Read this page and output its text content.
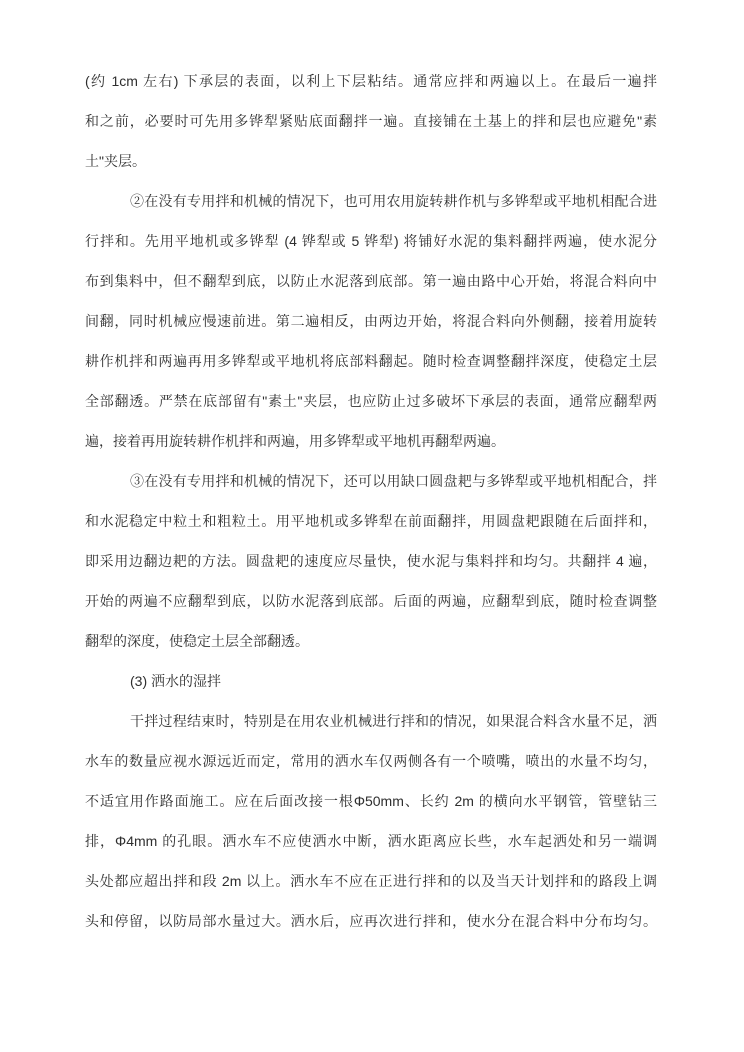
(约 1cm 左右) 下承层的表面，以利上下层粘结。通常应拌和两遍以上。在最后一遍拌
和之前，必要时可先用多铧犁紧贴底面翻拌一遍。直接铺在土基上的拌和层也应避免"素
土"夹层。
②在没有专用拌和机械的情况下，也可用农用旋转耕作机与多铧犁或平地机相配合进
行拌和。先用平地机或多铧犁 (4 铧犁或 5 铧犁) 将铺好水泥的集料翻拌两遍，使水泥分
布到集料中，但不翻犁到底，以防止水泥落到底部。第一遍由路中心开始，将混合料向中
间翻，同时机械应慢速前进。第二遍相反，由两边开始，将混合料向外侧翻，接着用旋转
耕作机拌和两遍再用多铧犁或平地机将底部料翻起。随时检查调整翻拌深度，使稳定土层
全部翻透。严禁在底部留有"素土"夹层，也应防止过多破坏下承层的表面，通常应翻犁两
遍，接着再用旋转耕作机拌和两遍，用多铧犁或平地机再翻犁两遍。
③在没有专用拌和机械的情况下，还可以用缺口圆盘耙与多铧犁或平地机相配合，拌
和水泥稳定中粒土和粗粒土。用平地机或多铧犁在前面翻拌，用圆盘耙跟随在后面拌和，
即采用边翻边耙的方法。圆盘耙的速度应尽量快，使水泥与集料拌和均匀。共翻拌 4 遍，
开始的两遍不应翻犁到底，以防水泥落到底部。后面的两遍，应翻犁到底，随时检查调整
翻犁的深度，使稳定土层全部翻透。
(3) 洒水的湿拌
干拌过程结束时，特别是在用农业机械进行拌和的情况，如果混合料含水量不足，洒
水车的数量应视水源远近而定，常用的洒水车仅两侧各有一个喷嘴，喷出的水量不均匀，
不适宜用作路面施工。应在后面改接一根Φ50mm、长约 2m 的横向水平钢管，管壁钻三
排，Φ4mm 的孔眼。洒水车不应使洒水中断，洒水距离应长些，水车起洒处和另一端调
头处都应超出拌和段 2m 以上。洒水车不应在正进行拌和的以及当天计划拌和的路段上调
头和停留，以防局部水量过大。洒水后，应再次进行拌和，使水分在混合料中分布均匀。
